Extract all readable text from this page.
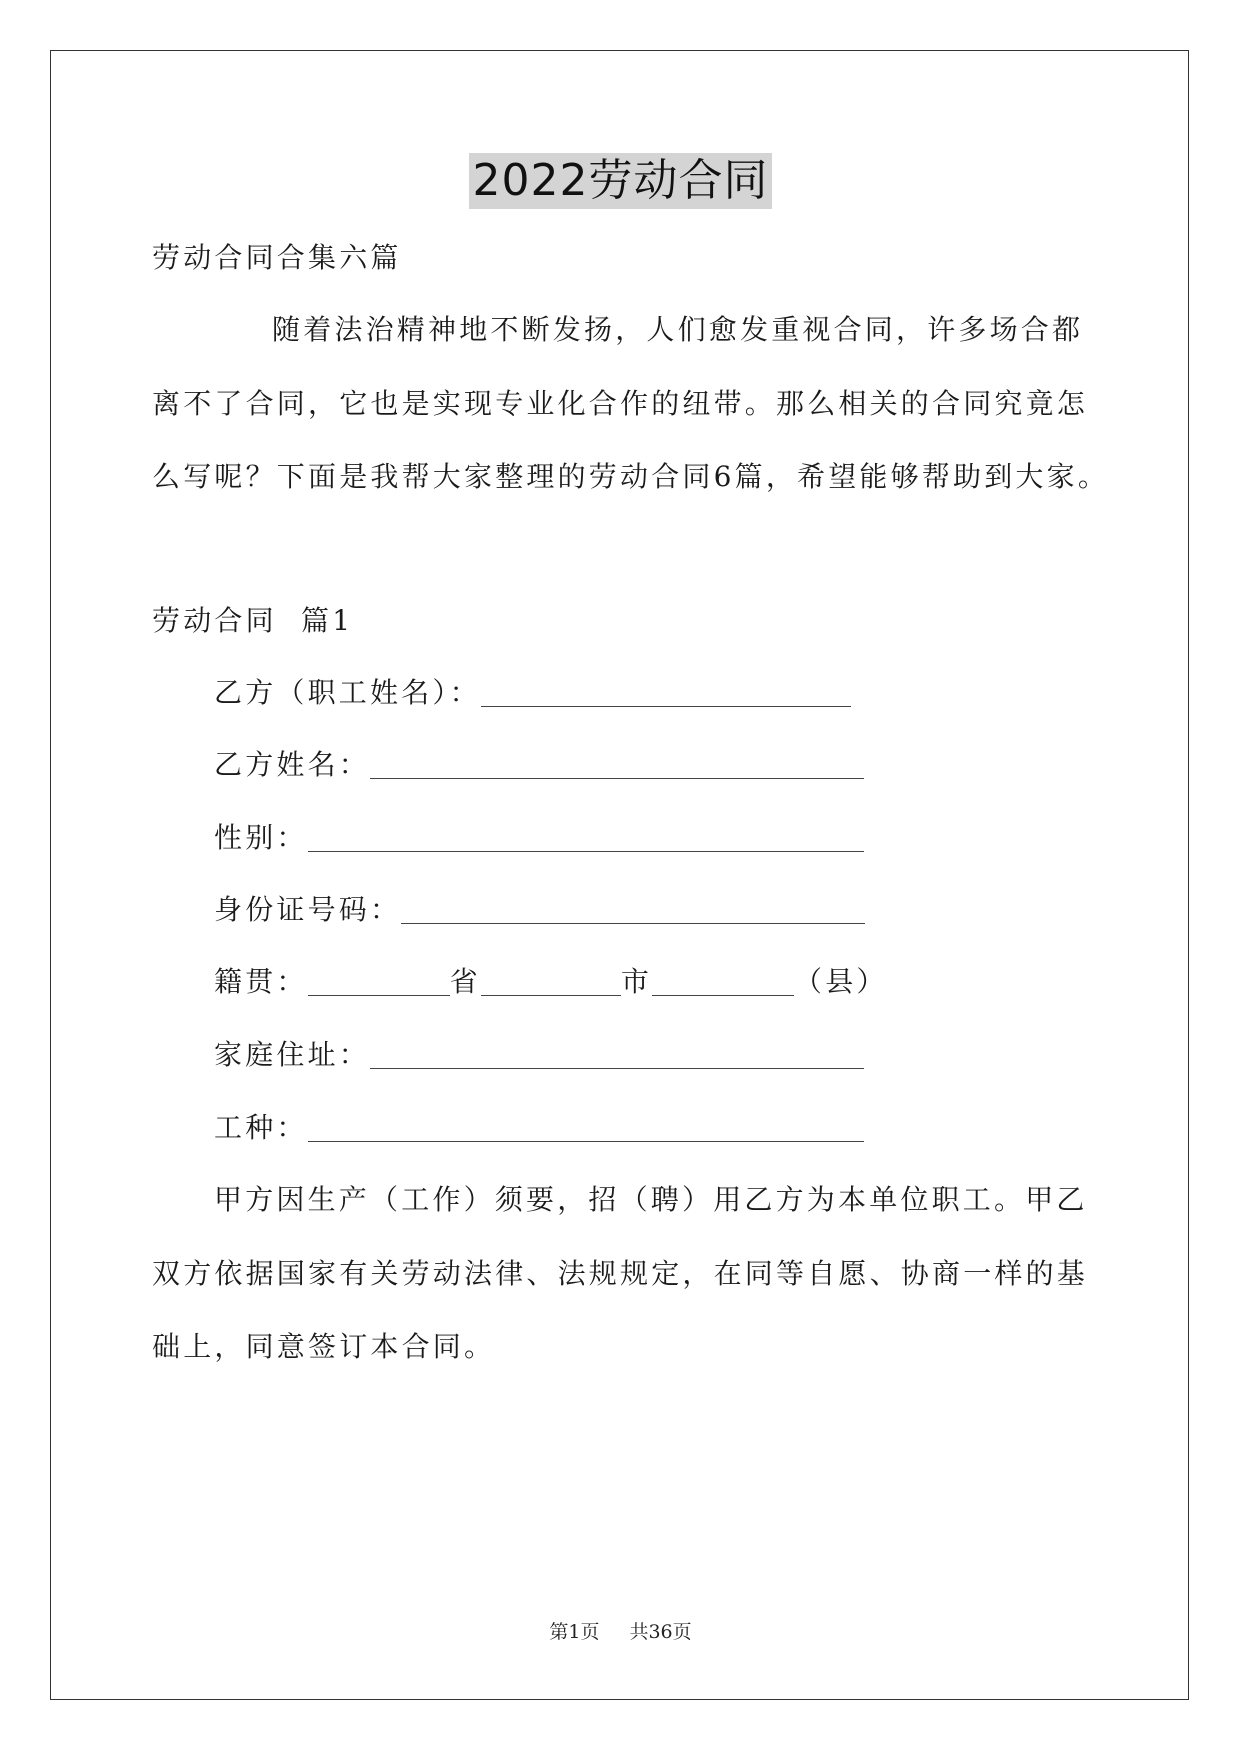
2022劳动合同
劳动合同合集六篇
随着法治精神地不断发扬，人们愈发重视合同，许多场合都
离不了合同，它也是实现专业化合作的纽带。那么相关的合同究竟怎
么写呢？下面是我帮大家整理的劳动合同6篇，希望能够帮助到大家。
劳动合同  篇1
乙方（职工姓名）：
乙方姓名：
性别：
身份证号码：
籍贯：	省	市	（县）
家庭住址：
工种：
甲方因生产（工作）须要，招（聘）用乙方为本单位职工。甲乙
双方依据国家有关劳动法律、法规规定，在同等自愿、协商一样的基
础上，同意签订本合同。
第1页 共36页
